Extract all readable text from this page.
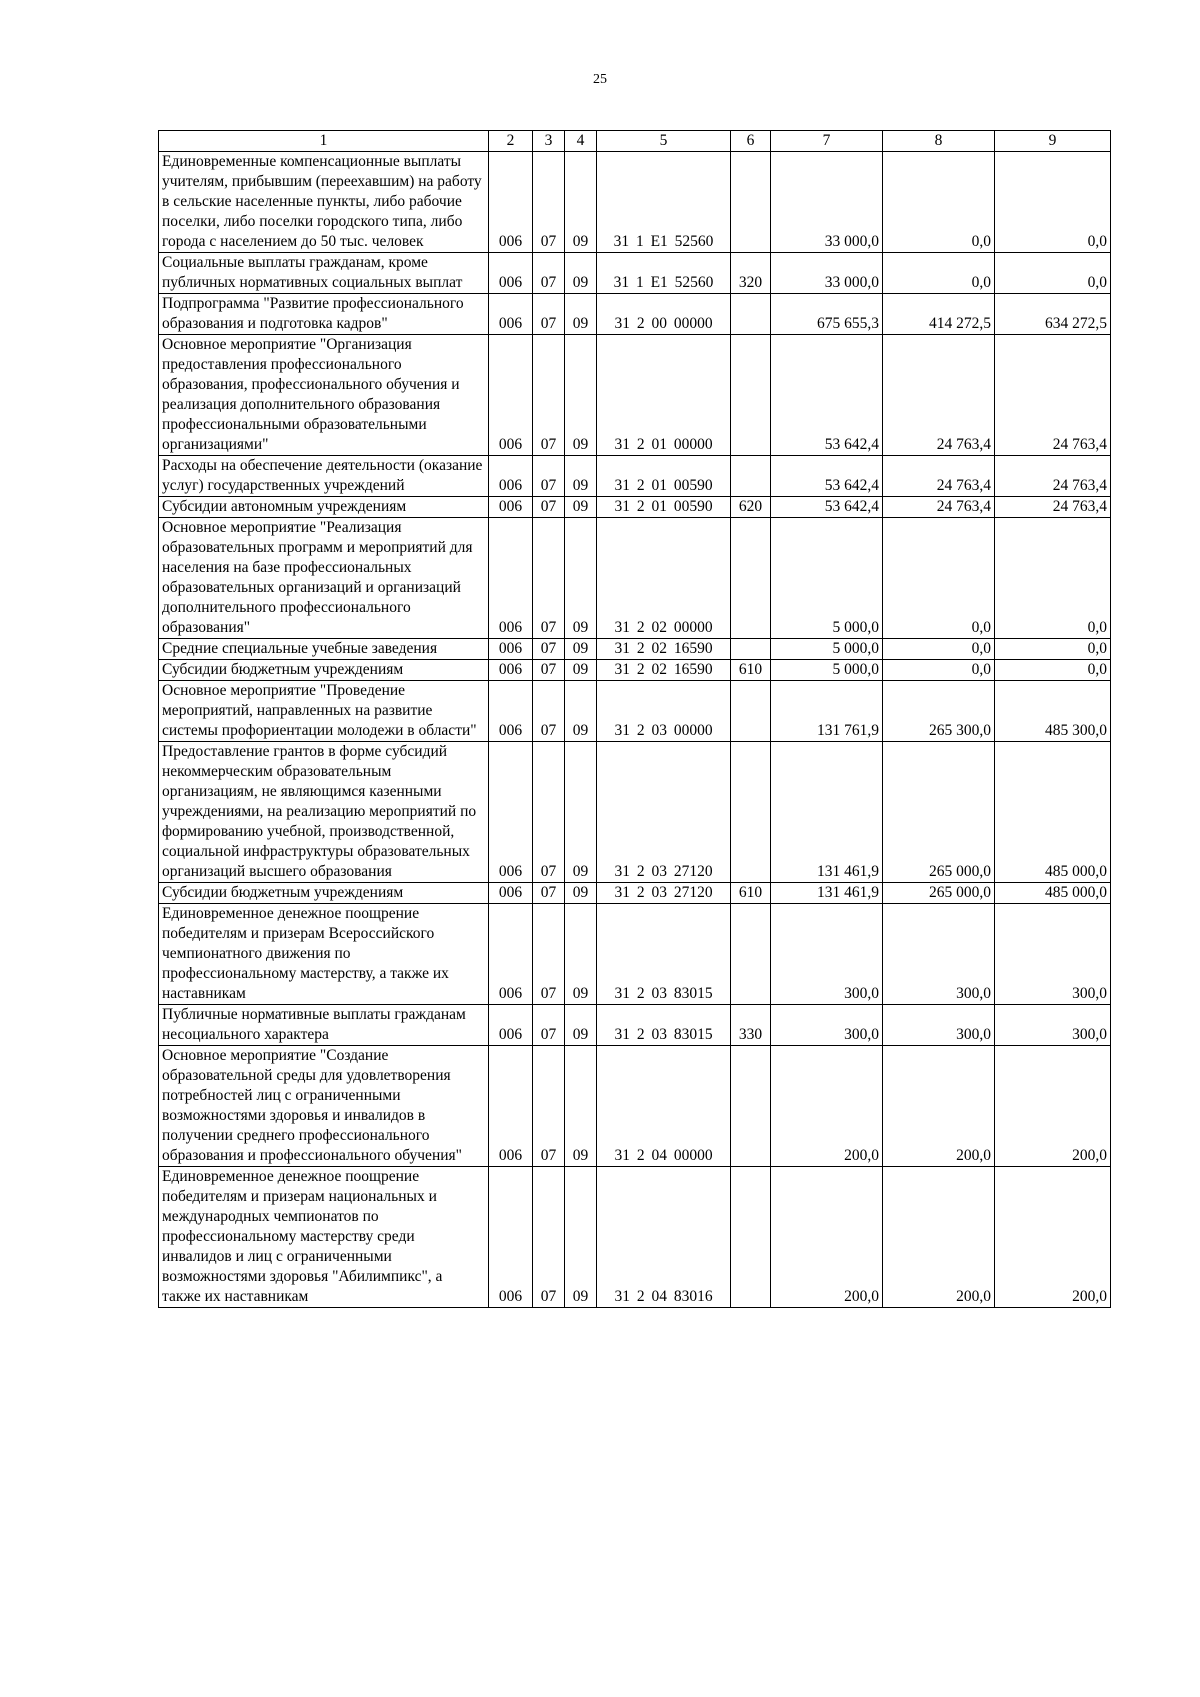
25
1	2	3	4	5	6	7	8	9
Единовременные компенсационные выплаты учителям, прибывшим (переехавшим) на работу в сельские населенные пункты, либо рабочие поселки, либо поселки городского типа, либо города с населением до 50 тыс. человек	006	07	09	31 1 E1 52560		33 000,0	0,0	0,0
Социальные выплаты гражданам, кроме публичных нормативных социальных выплат	006	07	09	31 1 E1 52560	320	33 000,0	0,0	0,0
Подпрограмма "Развитие профессионального образования и подготовка кадров"	006	07	09	31 2 00 00000		675 655,3	414 272,5	634 272,5
Основное мероприятие "Организация предоставления профессионального образования, профессионального обучения и реализация дополнительного образования профессиональными образовательными организациями"	006	07	09	31 2 01 00000		53 642,4	24 763,4	24 763,4
Расходы на обеспечение деятельности (оказание услуг) государственных учреждений	006	07	09	31 2 01 00590		53 642,4	24 763,4	24 763,4
Субсидии автономным учреждениям	006	07	09	31 2 01 00590	620	53 642,4	24 763,4	24 763,4
Основное мероприятие "Реализация образовательных программ и мероприятий для населения на базе профессиональных образовательных организаций и организаций дополнительного профессионального образования"	006	07	09	31 2 02 00000		5 000,0	0,0	0,0
Средние специальные учебные заведения	006	07	09	31 2 02 16590		5 000,0	0,0	0,0
Субсидии бюджетным учреждениям	006	07	09	31 2 02 16590	610	5 000,0	0,0	0,0
Основное мероприятие "Проведение мероприятий, направленных на развитие системы профориентации молодежи в области"	006	07	09	31 2 03 00000		131 761,9	265 300,0	485 300,0
Предоставление грантов в форме субсидий некоммерческим образовательным организациям, не являющимся казенными учреждениями, на реализацию мероприятий по формированию учебной, производственной, социальной инфраструктуры образовательных организаций высшего образования	006	07	09	31 2 03 27120		131 461,9	265 000,0	485 000,0
Субсидии бюджетным учреждениям	006	07	09	31 2 03 27120	610	131 461,9	265 000,0	485 000,0
Единовременное денежное поощрение победителям и призерам Всероссийского чемпионатного движения по профессиональному мастерству, а также их наставникам	006	07	09	31 2 03 83015		300,0	300,0	300,0
Публичные нормативные выплаты гражданам несоциального характера	006	07	09	31 2 03 83015	330	300,0	300,0	300,0
Основное мероприятие "Создание образовательной среды для удовлетворения потребностей лиц с ограниченными возможностями здоровья и инвалидов в получении среднего профессионального образования и профессионального обучения"	006	07	09	31 2 04 00000		200,0	200,0	200,0
Единовременное денежное поощрение победителям и призерам национальных и международных чемпионатов по профессиональному мастерству среди инвалидов и лиц с ограниченными возможностями здоровья "Абилимпикс", а также их наставникам	006	07	09	31 2 04 83016		200,0	200,0	200,0
